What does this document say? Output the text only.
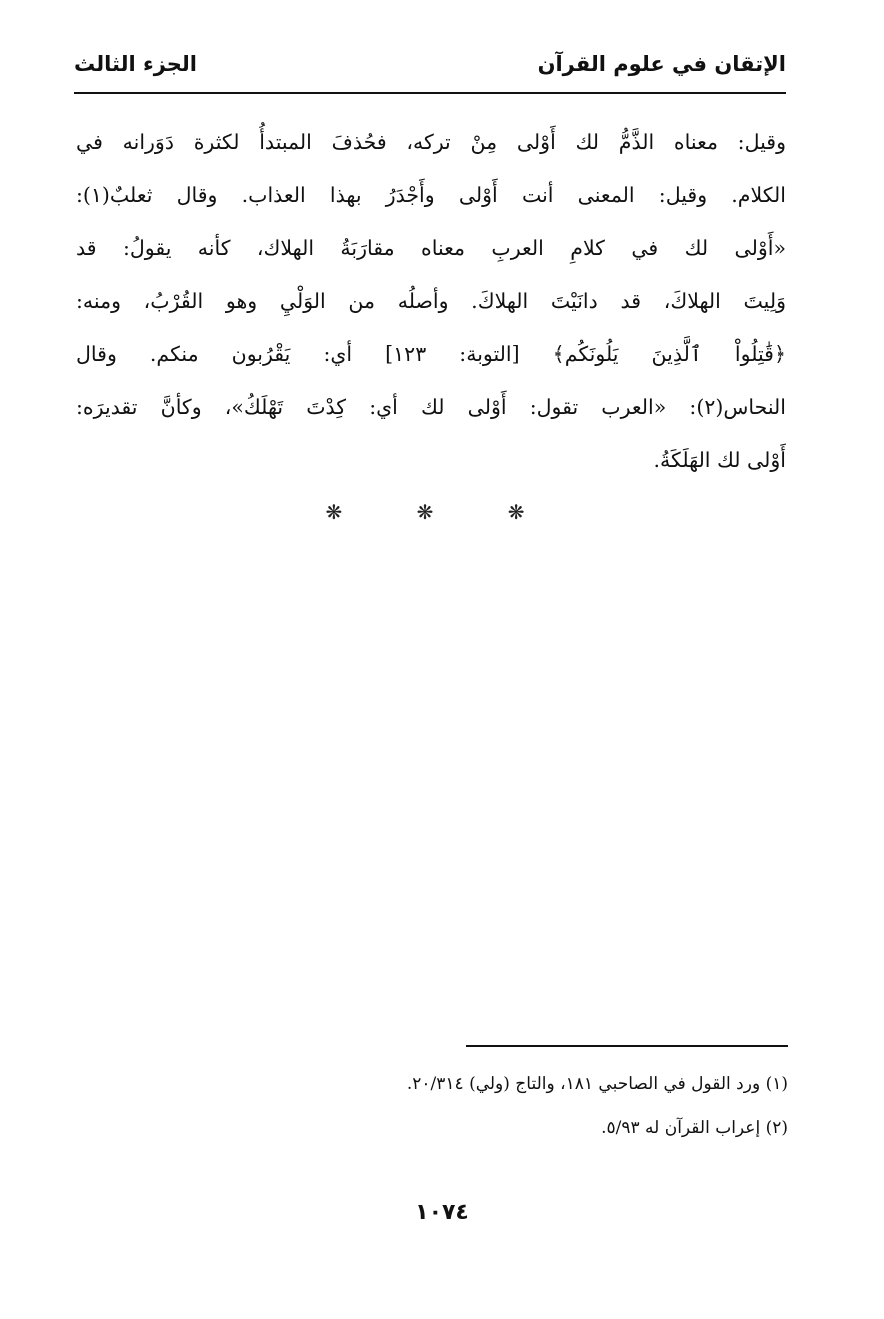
الإتقان في علوم القرآن
الجزء الثالث

وقيل: معناه الذَّمُّ لك أَوْلى مِنْ تركه، فحُذفَ المبتدأُ لكثرة دَوَرانه في
الكلام. وقيل: المعنى أنت أَوْلى وأَجْدَرُ بهذا العذاب. وقال ثعلبٌ(١):
«أَوْلى لك في كلامِ العربِ معناه مقارَبَةُ الهلاك، كأنه يقولُ: قد
وَلِيتَ الهلاكَ، قد دانَيْتَ الهلاكَ. وأصلُه من الوَلْيِ وهو القُرْبُ، ومنه:
﴿قَٰتِلُواْ ٱلَّذِينَ يَلُونَكُم﴾ [التوبة: ١٢٣] أي: يَقْرُبون منكم. وقال
النحاس(٢): «العرب تقول: أَوْلى لك أي: كِدْتَ تَهْلَكُ»، وكأنَّ تقديرَه:
أَوْلى لك الهَلَكَةُ.

❋ ❋ ❋
(١) ورد القول في الصاحبي ١٨١، والتاج (ولي) ٢٠/٣١٤.
(٢) إعراب القرآن له ٥/٩٣.
١٠٧٤
